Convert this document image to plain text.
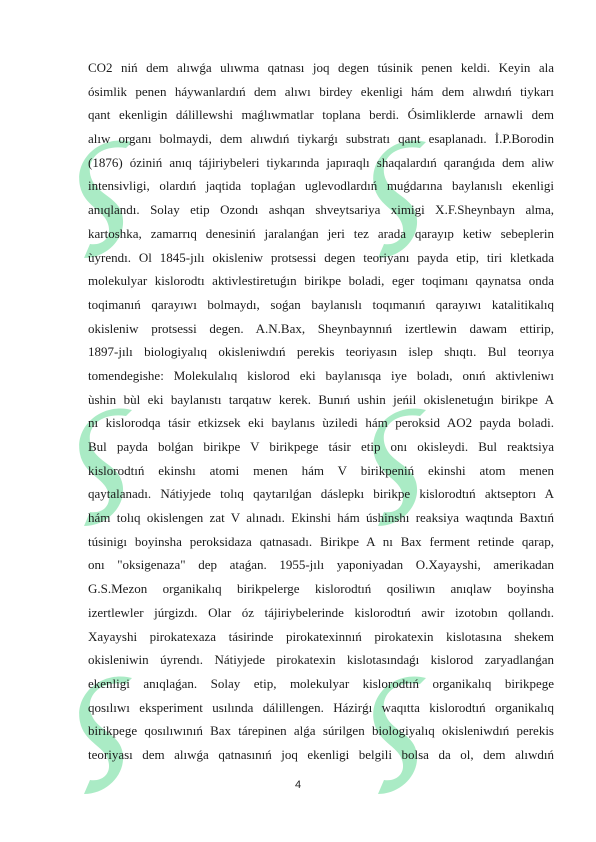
CO2 niń dem alıwǵa ulıwma qatnası joq degen túsinik penen keldi. Keyin ala
ósimlik penen háywanlardıń dem alıwı birdey ekenligi hám dem alıwdıń tiykarı
qant ekenligin dálillewshi maǵlıwmatlar toplana berdi. Ósimliklerde arnawli dem
alıw organı bolmaydi, dem alıwdıń tiykarǵı substratı qant esaplanadı. İ.P.Borodin
(1876) óziniń anıq tájiriybeleri tiykarında japıraqlı shaqalardıń qaranǵıda dem aliw
intensivligi, olardıń jaqtida toplaǵan uglevodlardıń muǵdarına baylanıslı ekenligi
anıqlandı. Solay etip Ozondı ashqan shveytsariya ximigi X.F.Sheynbayn alma,
kartoshka, zamarrıq denesiniń jaralanǵan jeri tez arada qarayıp ketiw sebeplerin
ùyrendı. Ol 1845-jılı okisleniw protsessi degen teoriyanı payda etip, tiri kletkada
molekulyar kislorodtı aktivlestiretuǵın birikpe boladi, eger toqimanı qaynatsa onda
toqimanıń qarayıwı bolmaydı, soǵan baylanıslı toqımanıń qarayıwı katalitikalıq
okisleniw protsessi degen. A.N.Bax, Sheynbaynnıń izertlewin dawam ettirip,
1897-jılı biologiyalıq okisleniwdıń perekis teoriyasın islep shıqtı. Bul teorıya
tomendegishe: Molekulalıq kislorod eki baylanısqa iye boladı, onıń aktivleniwı
ùshin bùl eki baylanıstı tarqatıw kerek. Bunıń ushin jeńil okislenetuǵın birikpe A
nı kislorodqa tásir etkizsek eki baylanıs ùziledi hám peroksid AO2 payda boladi.
Bul payda bolǵan birikpe V birikpege tásir etip onı okisleydi. Bul reaktsiya
kislorodtıń ekinshı atomi menen hám V birikpeniń ekinshi atom menen
qaytalanadı. Nátiyjede tolıq qaytarılǵan dáslepkı birikpe kislorodtıń aktseptorı A
hám tolıq okislengen zat V alınadı. Ekinshi hám úshinshı reaksiya waqtında Baxtıń
túsinigı boyinsha peroksidaza qatnasadı. Birikpe A nı Bax ferment retinde qarap,
onı "oksigenaza" dep ataǵan. 1955-jılı yaponiyadan O.Xayayshi, amerikadan
G.S.Mezon organikalıq birikpelerge kislorodtıń qosiliwın anıqlaw boyinsha
izertlewler júrgizdı. Olar óz tájiriybelerinde kislorodtıń awir izotobın qollandı.
Xayayshi pirokatexaza tásirinde pirokatexinnıń pirokatexin kislotasına shekem
okisleniwin úyrendı. Nátiyjede pirokatexin kislotasındaǵı kislorod zaryadlanǵan
ekenligi anıqlaǵan. Solay etip, molekulyar kislorodtıń organikalıq birikpege
qosılıwı eksperiment usılında dálillengen. Házirǵı waqıtta kislorodtıń organikalıq
birikpege qosılıwınıń Bax tárepinen alǵa súrilgen biologiyalıq okisleniwdıń perekis
teoriyası dem alıwǵa qatnasınıń joq ekenligi belgili bolsa da ol, dem alıwdıń
4
